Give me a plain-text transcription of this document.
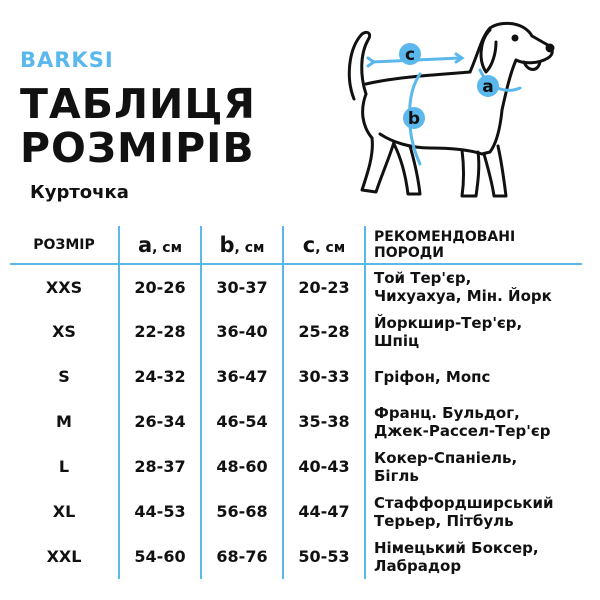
BARKSI
ТАБЛИЦЯ
РОЗМІРІВ
Курточка
c
b
a
РОЗМІР	a, см	b, см	c, см	РЕКОМЕНДОВАНІ
ПОРОДИ

XXS	20-26	30-37	20-23	Той Тер'єр,
Чихуахуа, Мін. Йорк

XS	22-28	36-40	25-28	Йоркшир-Тер'єр,
Шпіц

S	24-32	36-47	30-33	Гріфон, Мопс

M	26-34	46-54	35-38	Франц. Бульдог,
Джек-Рассел-Тер'єр

L	28-37	48-60	40-43	Кокер-Спаніель,
Бігль

XL	44-53	56-68	44-47	Стаффордширський
Терьер, Пітбуль

XXL	54-60	68-76	50-53	Німецький Боксер,
Лабрадор
